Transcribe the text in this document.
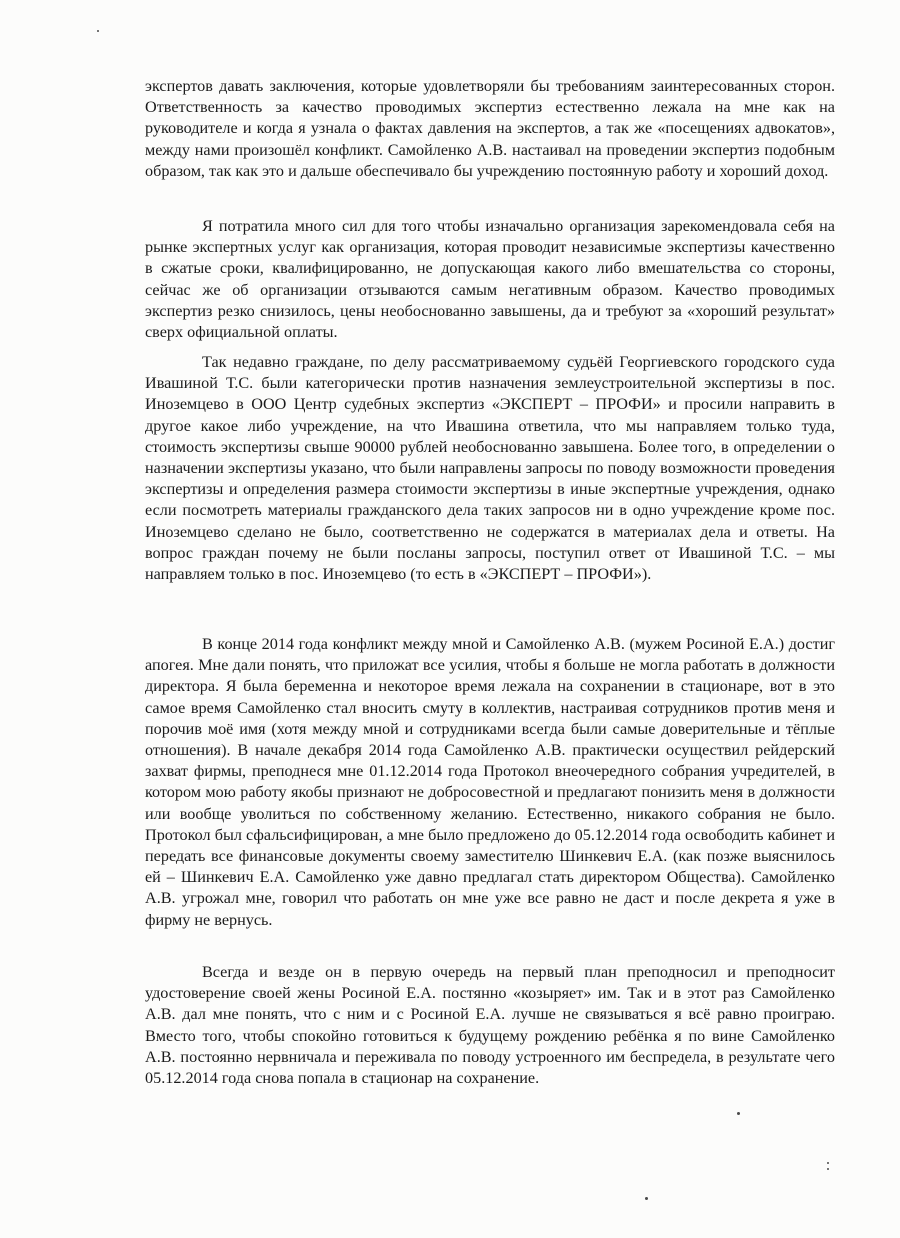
экспертов давать заключения, которые удовлетворяли бы требованиям заинтересованных сторон. Ответственность за качество проводимых экспертиз естественно лежала на мне как на руководителе и когда я узнала о фактах давления на экспертов, а так же «посещениях адвокатов», между нами произошёл конфликт. Самойленко А.В. настаивал на проведении экспертиз подобным образом, так как это и дальше обеспечивало бы учреждению постоянную работу и хороший доход.

Я потратила много сил для того чтобы изначально организация зарекомендовала себя на рынке экспертных услуг как организация, которая проводит независимые экспертизы качественно в сжатые сроки, квалифицированно, не допускающая какого либо вмешательства со стороны, сейчас же об организации отзываются самым негативным образом. Качество проводимых экспертиз резко снизилось, цены необоснованно завышены, да и требуют за «хороший результат» сверх официальной оплаты.

Так недавно граждане, по делу рассматриваемому судьёй Георгиевского городского суда Ивашиной Т.С. были категорически против назначения землеустроительной экспертизы в пос. Иноземцево в ООО Центр судебных экспертиз «ЭКСПЕРТ – ПРОФИ» и просили направить в другое какое либо учреждение, на что Ивашина ответила, что мы направляем только туда, стоимость экспертизы свыше 90000 рублей необоснованно завышена. Более того, в определении о назначении экспертизы указано, что были направлены запросы по поводу возможности проведения экспертизы и определения размера стоимости экспертизы в иные экспертные учреждения, однако если посмотреть материалы гражданского дела таких запросов ни в одно учреждение кроме пос. Иноземцево сделано не было, соответственно не содержатся в материалах дела и ответы. На вопрос граждан почему не были посланы запросы, поступил ответ от Ивашиной Т.С. – мы направляем только в пос. Иноземцево (то есть в «ЭКСПЕРТ – ПРОФИ»).

В конце 2014 года конфликт между мной и Самойленко А.В. (мужем Росиной Е.А.) достиг апогея. Мне дали понять, что приложат все усилия, чтобы я больше не могла работать в должности директора. Я была беременна и некоторое время лежала на сохранении в стационаре, вот в это самое время Самойленко стал вносить смуту в коллектив, настраивая сотрудников против меня и порочив моё имя (хотя между мной и сотрудниками всегда были самые доверительные и тёплые отношения). В начале декабря 2014 года Самойленко А.В. практически осуществил рейдерский захват фирмы, преподнеся мне 01.12.2014 года Протокол внеочередного собрания учредителей, в котором мою работу якобы признают не добросовестной и предлагают понизить меня в должности или вообще уволиться по собственному желанию. Естественно, никакого собрания не было. Протокол был сфальсифицирован, а мне было предложено до 05.12.2014 года освободить кабинет и передать все финансовые документы своему заместителю Шинкевич Е.А. (как позже выяснилось ей – Шинкевич Е.А. Самойленко уже давно предлагал стать директором Общества). Самойленко А.В. угрожал мне, говорил что работать он мне уже все равно не даст и после декрета я уже в фирму не вернусь.

Всегда и везде он в первую очередь на первый план преподносил и преподносит удостоверение своей жены Росиной Е.А. постянно «козыряет» им. Так и в этот раз Самойленко А.В. дал мне понять, что с ним и с Росиной Е.А. лучше не связываться я всё равно проиграю. Вместо того, чтобы спокойно готовиться к будущему рождению ребёнка я по вине Самойленко А.В. постоянно нервничала и переживала по поводу устроенного им беспредела, в результате чего 05.12.2014 года снова попала в стационар на сохранение.
